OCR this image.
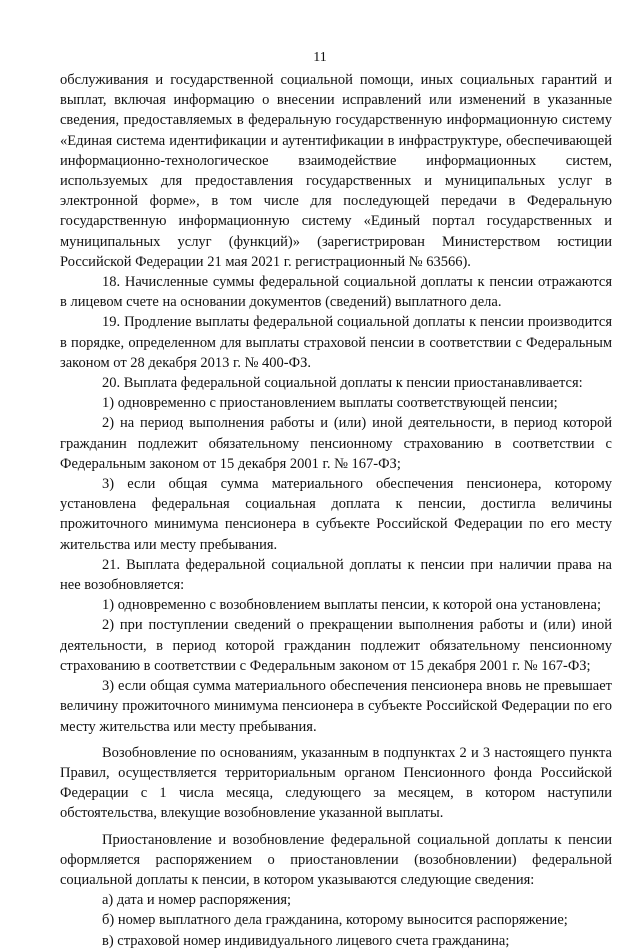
11

обслуживания и государственной социальной помощи, иных социальных гарантий и выплат, включая информацию о внесении исправлений или изменений в указанные сведения, предоставляемых в федеральную государственную информационную систему «Единая система идентификации и аутентификации в инфраструктуре, обеспечивающей информационно-технологическое взаимодействие информационных систем, используемых для предоставления государственных и муниципальных услуг в электронной форме», в том числе для последующей передачи в Федеральную государственную информационную систему «Единый портал государственных и муниципальных услуг (функций)» (зарегистрирован Министерством юстиции Российской Федерации 21 мая 2021 г. регистрационный № 63566).

18. Начисленные суммы федеральной социальной доплаты к пенсии отражаются в лицевом счете на основании документов (сведений) выплатного дела.

19. Продление выплаты федеральной социальной доплаты к пенсии производится в порядке, определенном для выплаты страховой пенсии в соответствии с Федеральным законом от 28 декабря 2013 г. № 400-ФЗ.

20. Выплата федеральной социальной доплаты к пенсии приостанавливается:

1) одновременно с приостановлением выплаты соответствующей пенсии;

2) на период выполнения работы и (или) иной деятельности, в период которой гражданин подлежит обязательному пенсионному страхованию в соответствии с Федеральным законом от 15 декабря 2001 г. № 167-ФЗ;

3) если общая сумма материального обеспечения пенсионера, которому установлена федеральная социальная доплата к пенсии, достигла величины прожиточного минимума пенсионера в субъекте Российской Федерации по его месту жительства или месту пребывания.

21. Выплата федеральной социальной доплаты к пенсии при наличии права на нее возобновляется:

1) одновременно с возобновлением выплаты пенсии, к которой она установлена;

2) при поступлении сведений о прекращении выполнения работы и (или) иной деятельности, в период которой гражданин подлежит обязательному пенсионному страхованию в соответствии с Федеральным законом от 15 декабря 2001 г. № 167-ФЗ;

3) если общая сумма материального обеспечения пенсионера вновь не превышает величину прожиточного минимума пенсионера в субъекте Российской Федерации по его месту жительства или месту пребывания.

Возобновление по основаниям, указанным в подпунктах 2 и 3 настоящего пункта Правил, осуществляется территориальным органом Пенсионного фонда Российской Федерации с 1 числа месяца, следующего за месяцем, в котором наступили обстоятельства, влекущие возобновление указанной выплаты.

Приостановление и возобновление федеральной социальной доплаты к пенсии оформляется распоряжением о приостановлении (возобновлении) федеральной социальной доплаты к пенсии, в котором указываются следующие сведения:

а) дата и номер распоряжения;

б) номер выплатного дела гражданина, которому выносится распоряжение;

в) страховой номер индивидуального лицевого счета гражданина;
